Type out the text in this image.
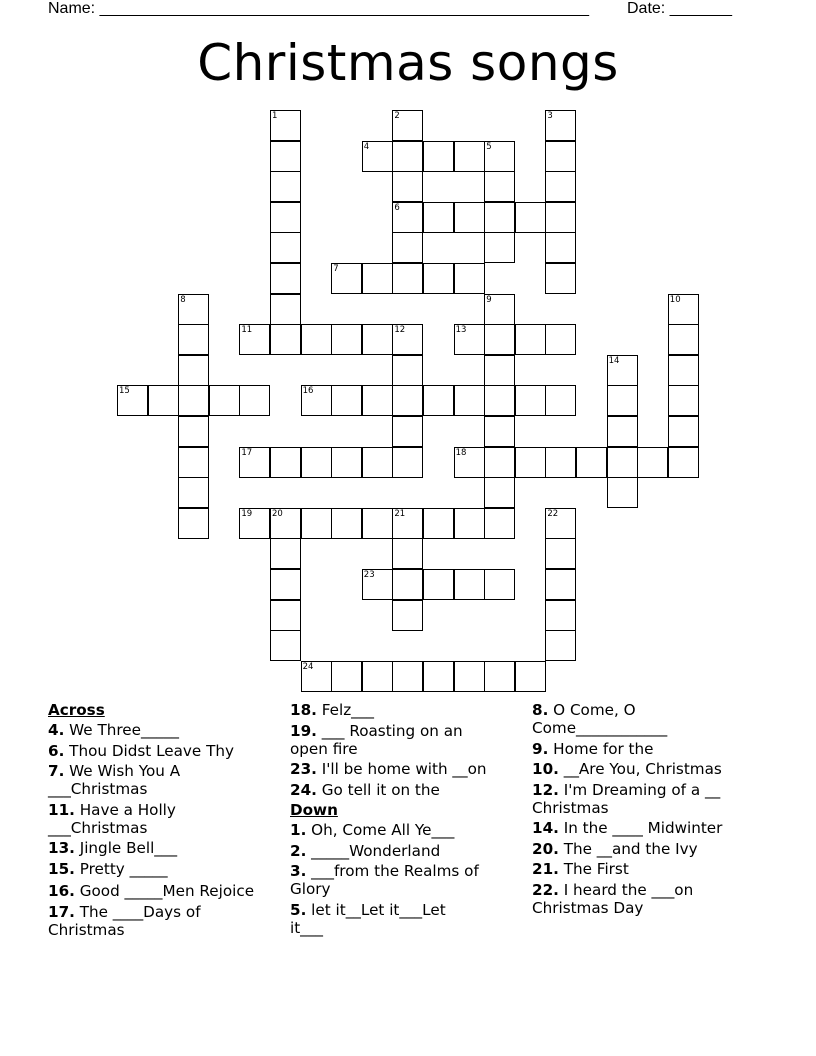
Name: _______________________________________________________

Date: _______

Christmas songs
1	2	3
4	5
6
7
8	9	10
11	12	13
14
15	16
17	18
19 20	21	22
23
24
Across
4. We Three_____
6. Thou Didst Leave Thy
7. We Wish You A ___Christmas
11. Have a Holly ___Christmas
13. Jingle Bell___
15. Pretty _____
16. Good _____Men Rejoice
17. The ____Days of Christmas
18. Felz___
19. ___ Roasting on an open fire
23. I'll be home with __on
24. Go tell it on the
Down
1. Oh, Come All Ye___
2. _____Wonderland
3. ___from the Realms of Glory
5. let it__Let it___Let it___
8. O Come, O Come____________
9. Home for the
10. __Are You, Christmas
12. I'm Dreaming of a __ Christmas
14. In the ____ Midwinter
20. The __and the Ivy
21. The First
22. I heard the ___on Christmas Day
